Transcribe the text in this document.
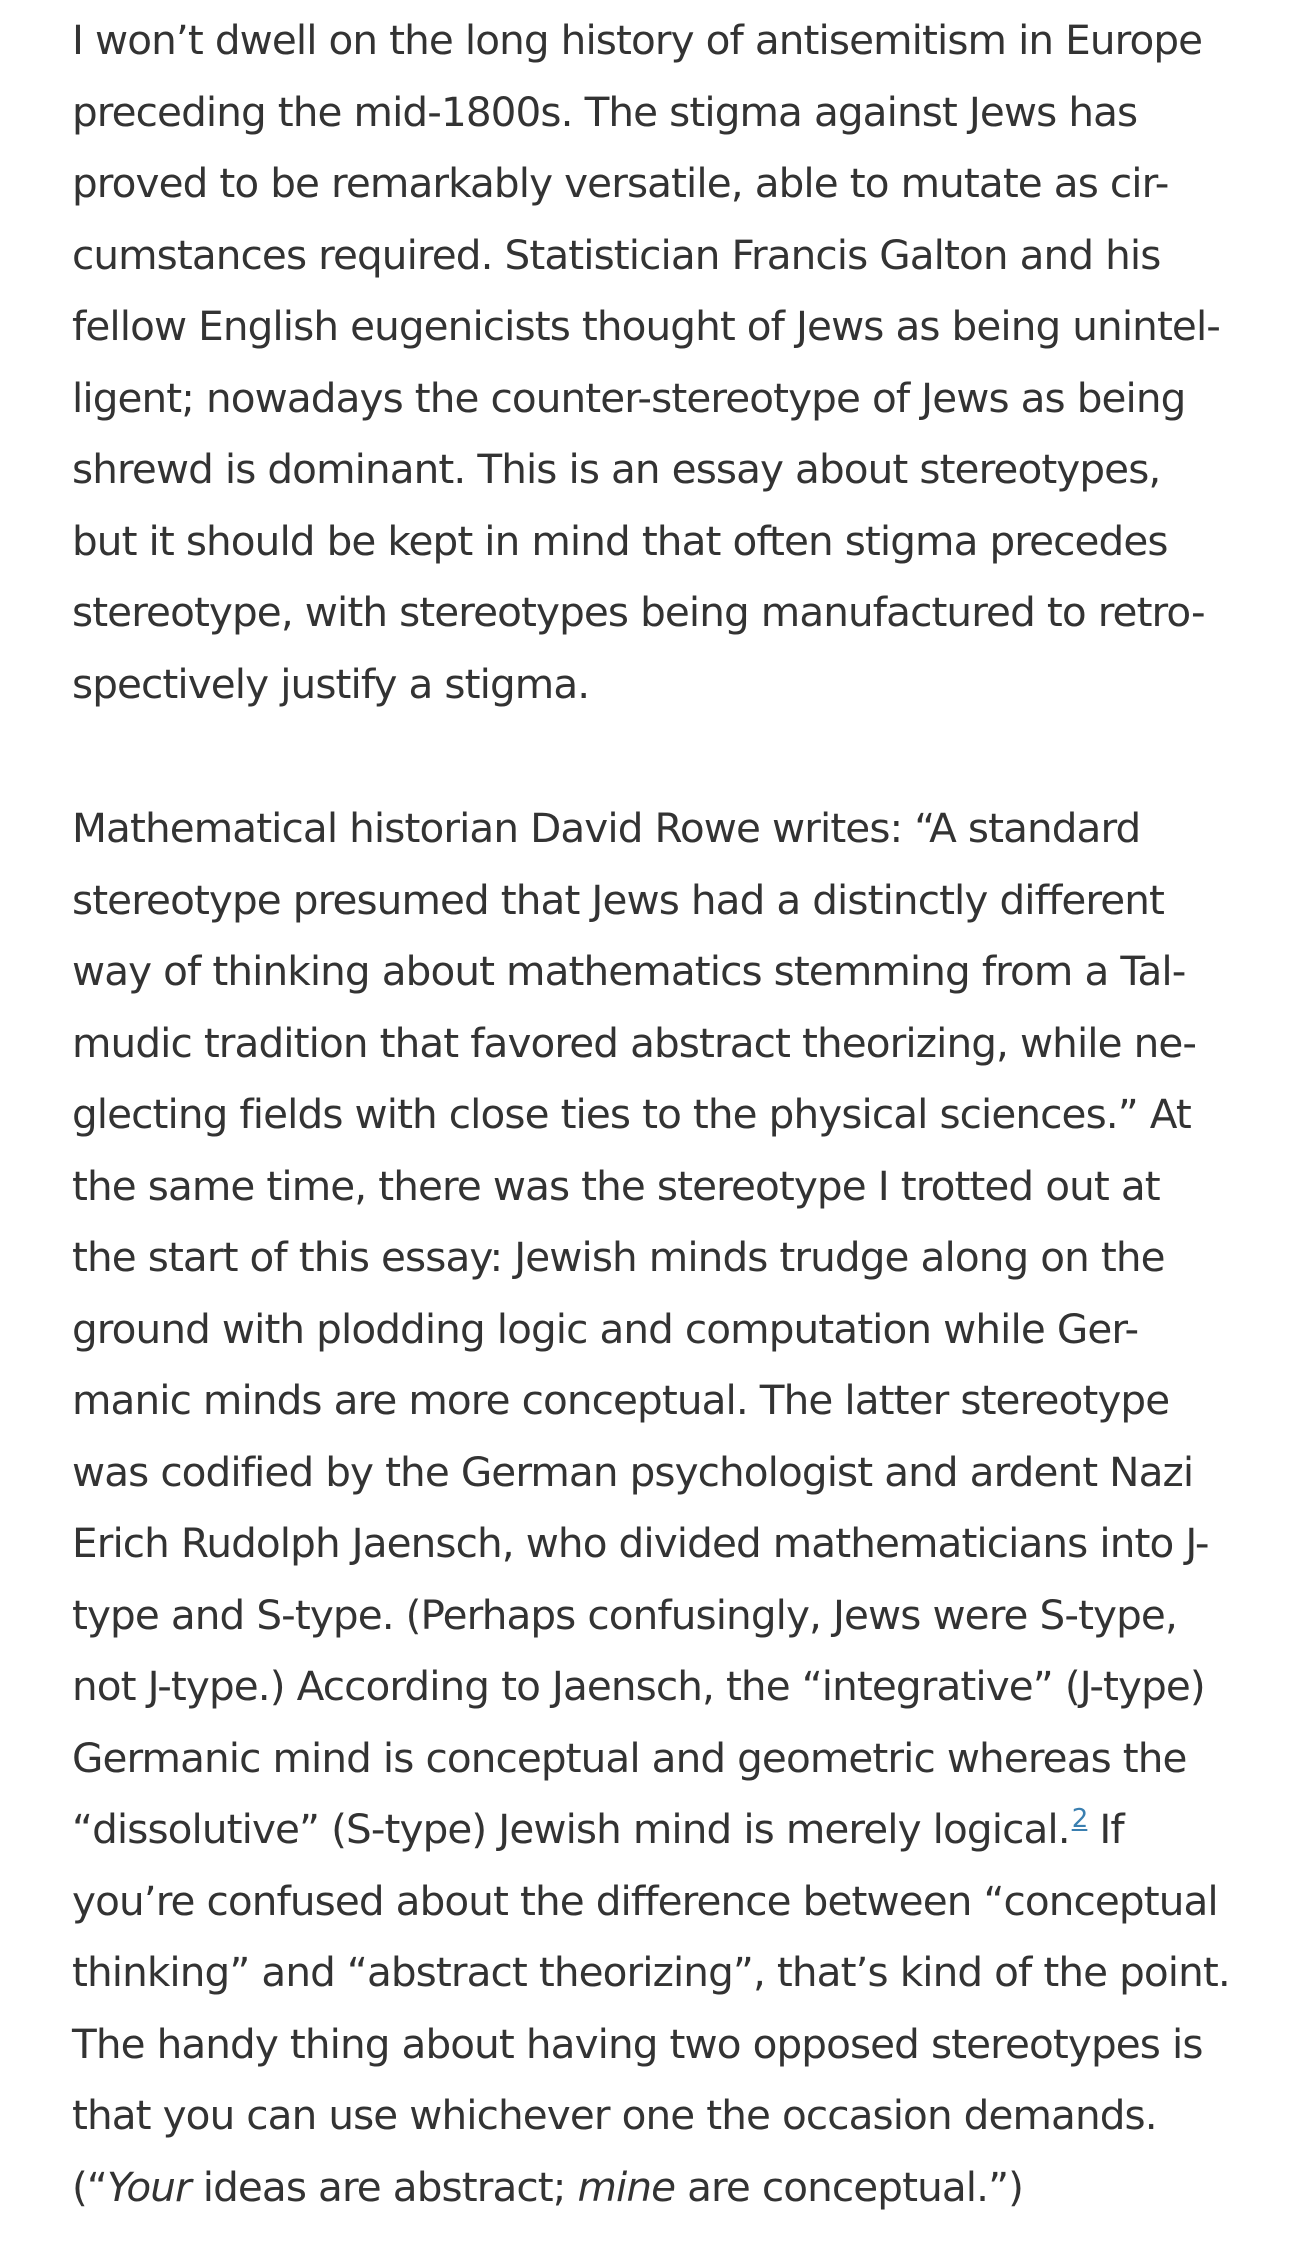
I won’t dwell on the long history of antisemitism in Europe
preceding the mid-1800s. The stigma against Jews has
proved to be remarkably versatile, able to mutate as cir-
cumstances required. Statistician Francis Galton and his
fellow English eugenicists thought of Jews as being unintel-
ligent; nowadays the counter-stereotype of Jews as being
shrewd is dominant. This is an essay about stereotypes,
but it should be kept in mind that often stigma precedes
stereotype, with stereotypes being manufactured to retro-
spectively justify a stigma.
Mathematical historian David Rowe writes: “A standard
stereotype presumed that Jews had a distinctly different
way of thinking about mathematics stemming from a Tal-
mudic tradition that favored abstract theorizing, while ne-
glecting fields with close ties to the physical sciences.” At
the same time, there was the stereotype I trotted out at
the start of this essay: Jewish minds trudge along on the
ground with plodding logic and computation while Ger-
manic minds are more conceptual. The latter stereotype
was codified by the German psychologist and ardent Nazi
Erich Rudolph Jaensch, who divided mathematicians into J-
type and S-type. (Perhaps confusingly, Jews were S-type,
not J-type.) According to Jaensch, the “integrative” (J-type)
Germanic mind is conceptual and geometric whereas the
“dissolutive” (S-type) Jewish mind is merely logical.$^2$ If
you’re confused about the difference between “conceptual
thinking” and “abstract theorizing”, that’s kind of the point.
The handy thing about having two opposed stereotypes is
that you can use whichever one the occasion demands.
(“Your ideas are abstract; mine are conceptual.”)
